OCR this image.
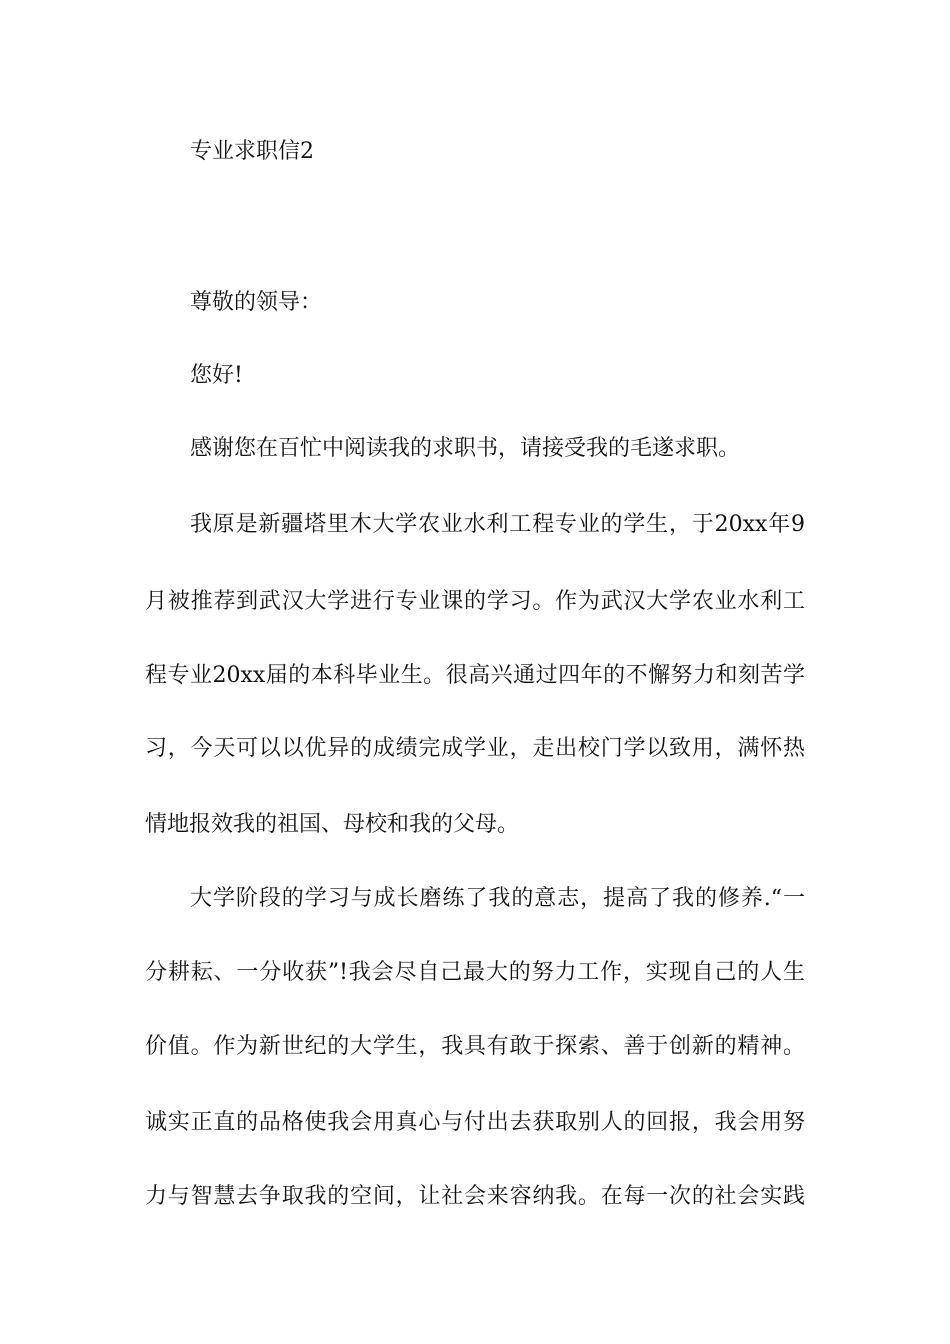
专业求职信2
尊敬的领导：
您好!
感谢您在百忙中阅读我的求职书，请接受我的毛遂求职。
我原是新疆塔里木大学农业水利工程专业的学生，于20xx年9
月被推荐到武汉大学进行专业课的学习。作为武汉大学农业水利工
程专业20xx届的本科毕业生。很高兴通过四年的不懈努力和刻苦学
习，今天可以以优异的成绩完成学业，走出校门学以致用，满怀热
情地报效我的祖国、母校和我的父母。
大学阶段的学习与成长磨练了我的意志，提高了我的修养.“一
分耕耘、一分收获”!我会尽自己最大的努力工作，实现自己的人生
价值。作为新世纪的大学生，我具有敢于探索、善于创新的精神。
诚实正直的品格使我会用真心与付出去获取别人的回报，我会用努
力与智慧去争取我的空间，让社会来容纳我。在每一次的社会实践
